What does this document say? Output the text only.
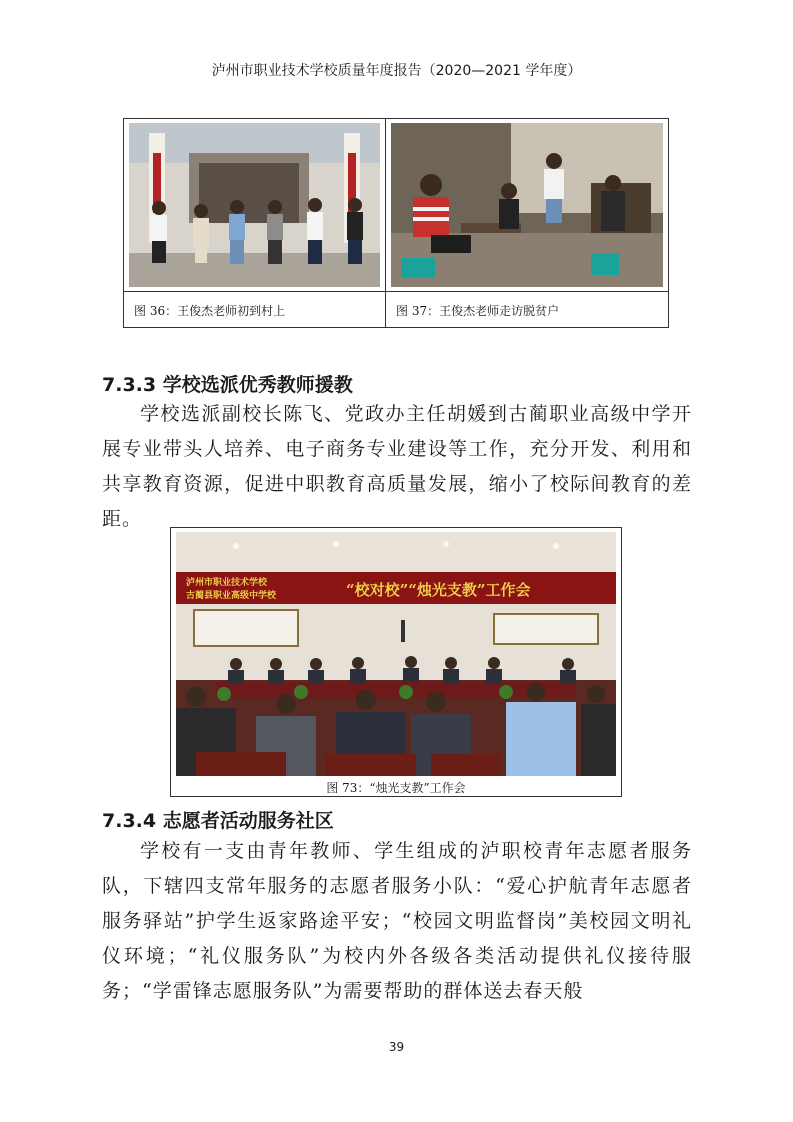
泸州市职业技术学校质量年度报告（2020—2021 学年度）
图 36：王俊杰老师初到村上	图 37：王俊杰老师走访脱贫户
7.3.3 学校选派优秀教师援教

学校选派副校长陈飞、党政办主任胡媛到古蔺职业高级中学开展专业带头人培养、电子商务专业建设等工作，充分开发、利用和共享教育资源，促进中职教育高质量发展，缩小了校际间教育的差距。

泸州市职业技术学校
古蔺县职业高级中学校	“校对校”“烛光支教”工作会
图 73：“烛光支教”工作会
7.3.4 志愿者活动服务社区

学校有一支由青年教师、学生组成的泸职校青年志愿者服务队，下辖四支常年服务的志愿者服务小队：“爱心护航青年志愿者服务驿站”护学生返家路途平安；“校园文明监督岗”美校园文明礼仪环境；“礼仪服务队”为校内外各级各类活动提供礼仪接待服务；“学雷锋志愿服务队”为需要帮助的群体送去春天般

39
